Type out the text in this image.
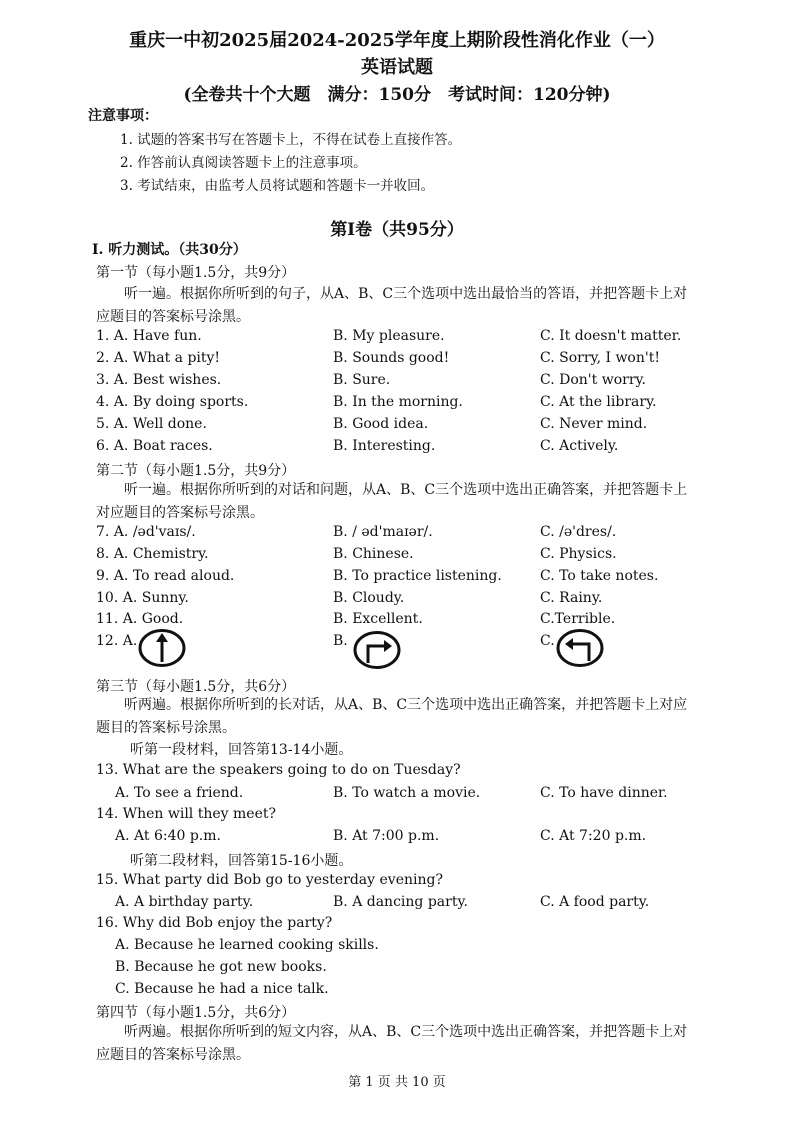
重庆一中初2025届2024-2025学年度上期阶段性消化作业（一）
英语试题
(全卷共十个大题　满分：150分　考试时间：120分钟)
注意事项：
1. 试题的答案书写在答题卡上，不得在试卷上直接作答。
2. 作答前认真阅读答题卡上的注意事项。
3. 考试结束，由监考人员将试题和答题卡一并收回。
第I卷（共95分）
I. 听力测试。（共30分）
第一节（每小题1.5分，共9分）
听一遍。根据你所听到的句子，从A、B、C三个选项中选出最恰当的答语，并把答题卡上对应题目的答案标号涂黑。
1. A. Have fun.	B. My pleasure.	C. It doesn't matter.
2. A. What a pity!	B. Sounds good!	C. Sorry, I won't!
3. A. Best wishes.	B. Sure.	C. Don't worry.
4. A. By doing sports.	B. In the morning.	C. At the library.
5. A. Well done.	B. Good idea.	C. Never mind.
6. A. Boat races.	B. Interesting.	C. Actively.
第二节（每小题1.5分，共9分）
听一遍。根据你所听到的对话和问题，从A、B、C三个选项中选出正确答案，并把答题卡上对应题目的答案标号涂黑。
7. A. /əd'vaɪs/.	B. / əd'maɪər/.	C. /ə'dres/.
8. A. Chemistry.	B. Chinese.	C. Physics.
9. A. To read aloud.	B. To practice listening.	C. To take notes.
10. A. Sunny.	B. Cloudy.	C. Rainy.
11. A. Good.	B. Excellent.	C.Terrible.
12. A.	B.	C.
第三节（每小题1.5分，共6分）
听两遍。根据你所听到的长对话，从A、B、C三个选项中选出正确答案，并把答题卡上对应题目的答案标号涂黑。
听第一段材料，回答第13-14小题。
13. What are the speakers going to do on Tuesday?
A. To see a friend.	B. To watch a movie.	C. To have dinner.
14. When will they meet?
A. At 6:40 p.m.	B. At 7:00 p.m.	C. At 7:20 p.m.
听第二段材料，回答第15-16小题。
15. What party did Bob go to yesterday evening?
A. A birthday party.	B. A dancing party.	C. A food party.
16. Why did Bob enjoy the party?
A. Because he learned cooking skills.
B. Because he got new books.
C. Because he had a nice talk.
第四节（每小题1.5分，共6分）
听两遍。根据你所听到的短文内容，从A、B、C三个选项中选出正确答案，并把答题卡上对应题目的答案标号涂黑。
第 1 页 共 10 页
